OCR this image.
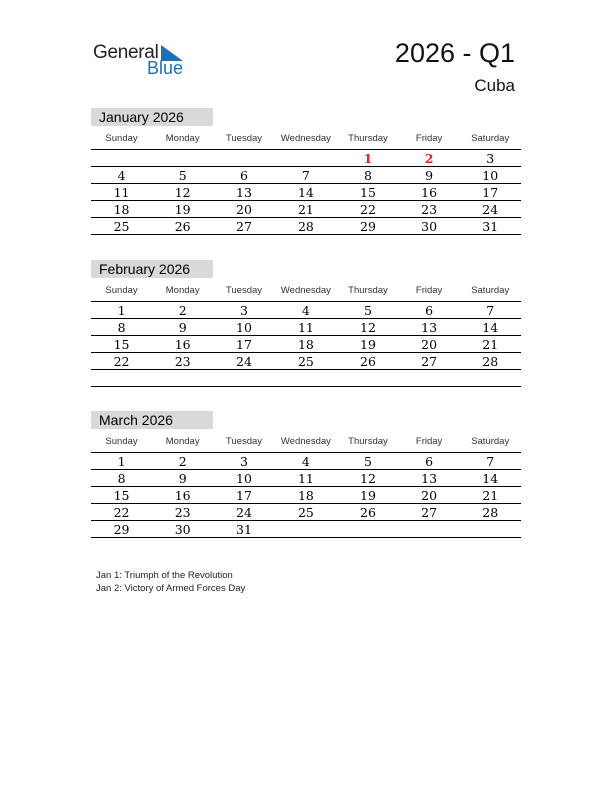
General
Blue	2026 - Q1
Cuba
January 2026
Sunday	Monday	Tuesday	Wednesday	Thursday	Friday	Saturday
				1	2	3
4	5	6	7	8	9	10
11	12	13	14	15	16	17
18	19	20	21	22	23	24
25	26	27	28	29	30	31
February 2026
Sunday	Monday	Tuesday	Wednesday	Thursday	Friday	Saturday
1	2	3	4	5	6	7
8	9	10	11	12	13	14
15	16	17	18	19	20	21
22	23	24	25	26	27	28

March 2026
Sunday	Monday	Tuesday	Wednesday	Thursday	Friday	Saturday
1	2	3	4	5	6	7
8	9	10	11	12	13	14
15	16	17	18	19	20	21
22	23	24	25	26	27	28
29	30	31				
Jan 1: Triumph of the Revolution
Jan 2: Victory of Armed Forces Day
